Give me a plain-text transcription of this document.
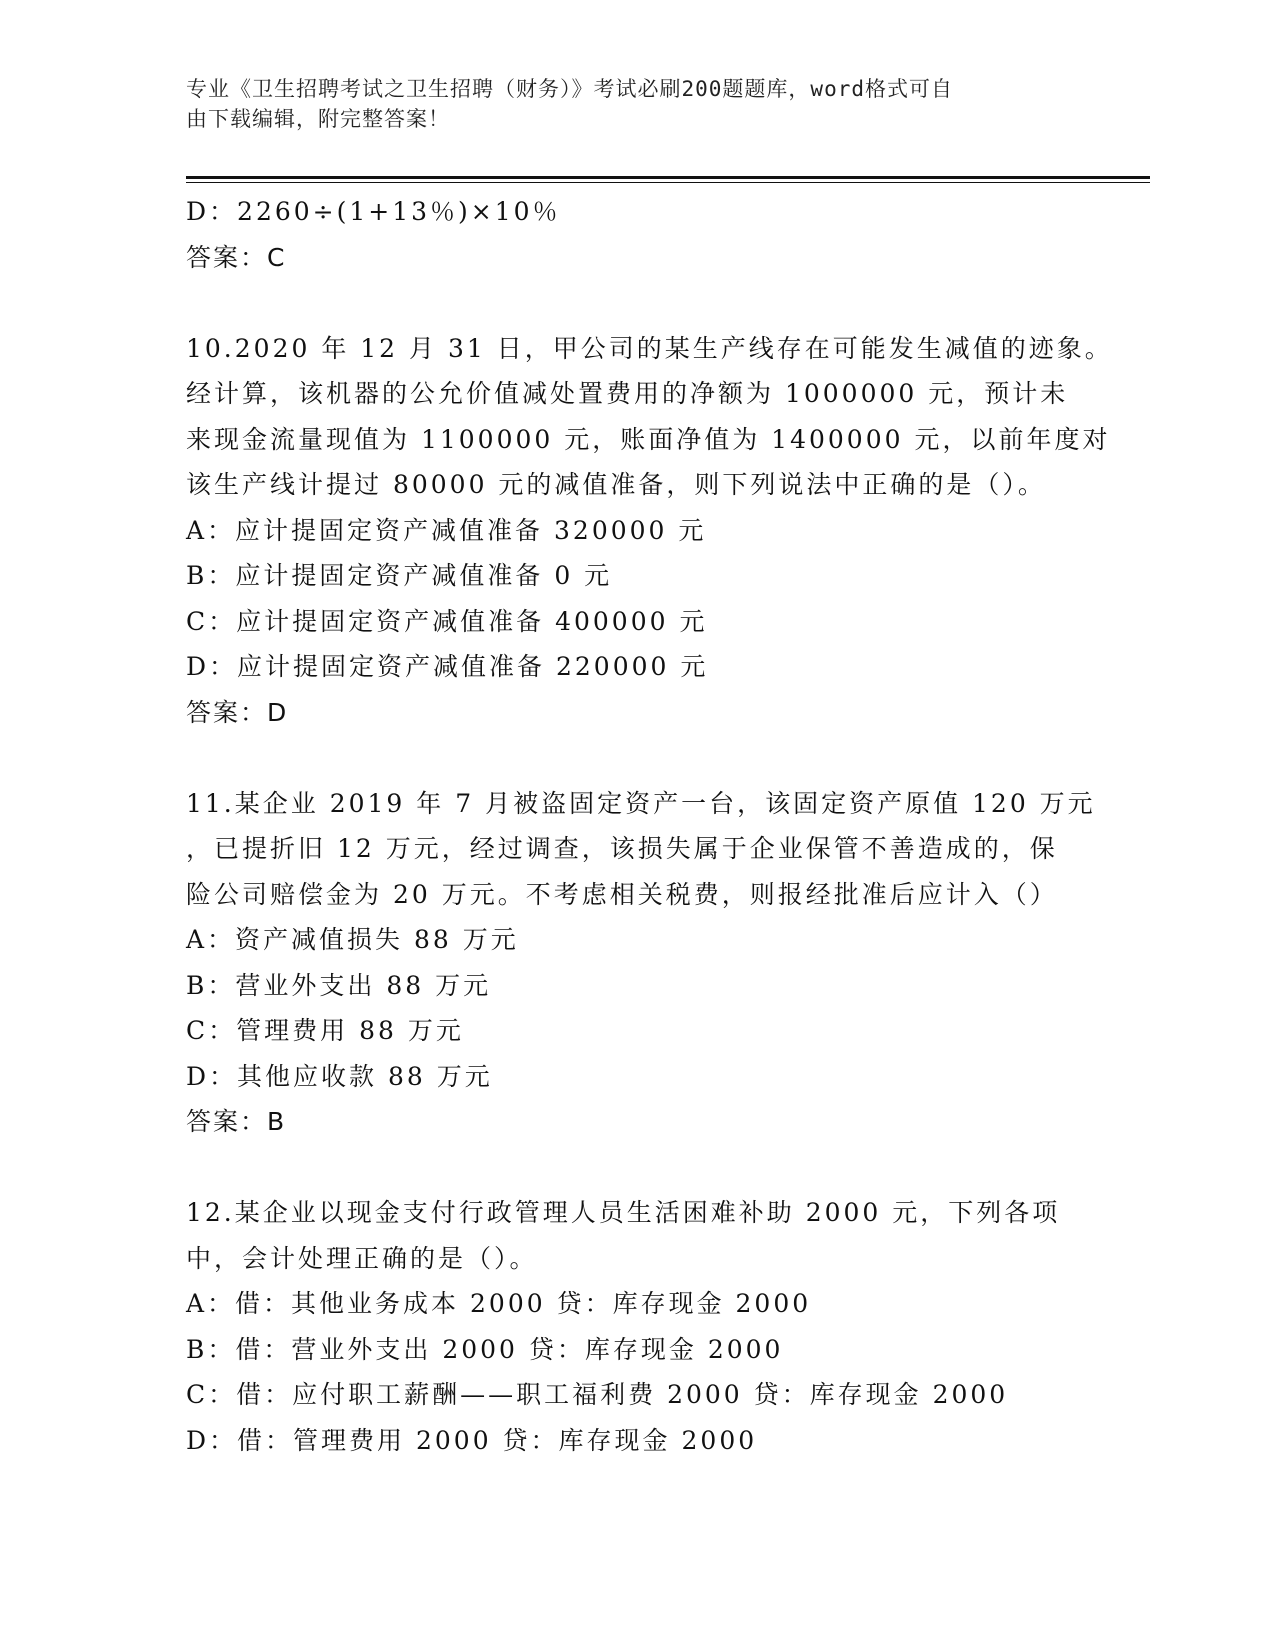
专业《卫生招聘考试之卫生招聘（财务）》考试必刷200题题库，word格式可自
由下载编辑，附完整答案！
D：2260÷(1+13％)×10％
答案：C
10.2020 年 12 月 31 日，甲公司的某生产线存在可能发生减值的迹象。
经计算，该机器的公允价值减处置费用的净额为 1000000 元，预计未
来现金流量现值为 1100000 元，账面净值为 1400000 元，以前年度对
该生产线计提过 80000 元的减值准备，则下列说法中正确的是（）。
A：应计提固定资产减值准备 320000 元
B：应计提固定资产减值准备 0 元
C：应计提固定资产减值准备 400000 元
D：应计提固定资产减值准备 220000 元
答案：D
11.某企业 2019 年 7 月被盗固定资产一台，该固定资产原值 120 万元
，已提折旧 12 万元，经过调查，该损失属于企业保管不善造成的，保
险公司赔偿金为 20 万元。不考虑相关税费，则报经批准后应计入（）
A：资产减值损失 88 万元
B：营业外支出 88 万元
C：管理费用 88 万元
D：其他应收款 88 万元
答案：B
12.某企业以现金支付行政管理人员生活困难补助 2000 元，下列各项
中，会计处理正确的是（）。
A：借：其他业务成本 2000 贷：库存现金 2000
B：借：营业外支出 2000 贷：库存现金 2000
C：借：应付职工薪酬——职工福利费 2000 贷：库存现金 2000
D：借：管理费用 2000 贷：库存现金 2000
